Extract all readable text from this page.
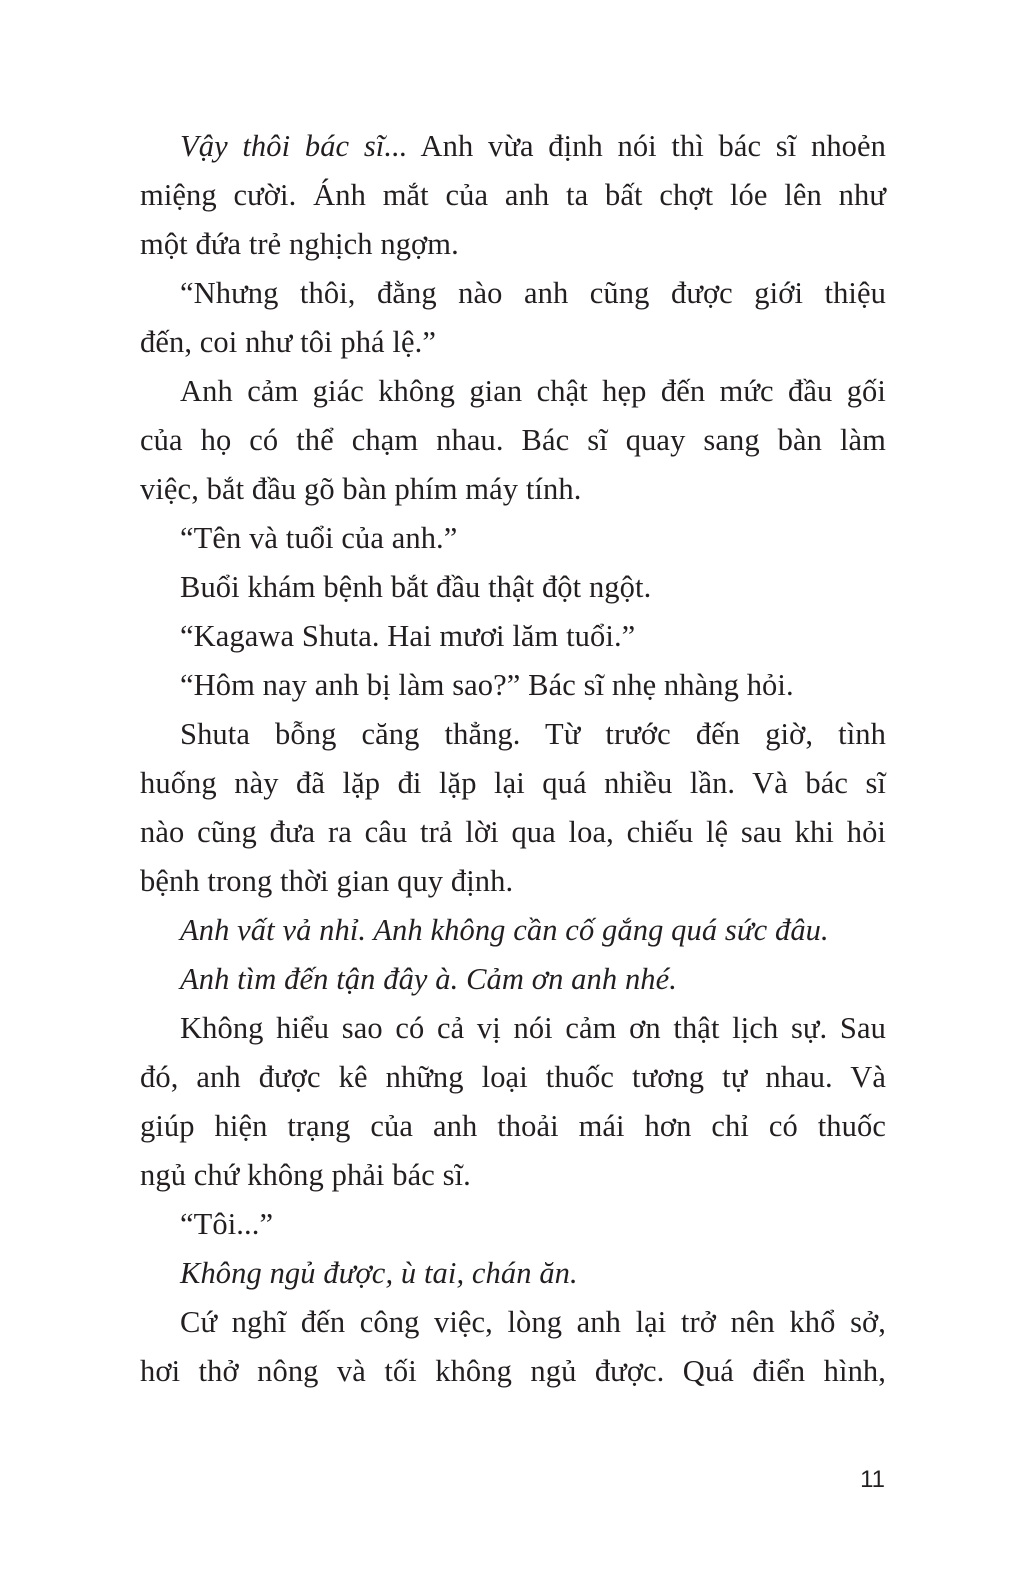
Vậy thôi bác sĩ... Anh vừa định nói thì bác sĩ nhoẻn
miệng cười. Ánh mắt của anh ta bất chợt lóe lên như
một đứa trẻ nghịch ngợm.

“Nhưng thôi, đằng nào anh cũng được giới thiệu
đến, coi như tôi phá lệ.”

Anh cảm giác không gian chật hẹp đến mức đầu gối
của họ có thể chạm nhau. Bác sĩ quay sang bàn làm
việc, bắt đầu gõ bàn phím máy tính.

“Tên và tuổi của anh.”

Buổi khám bệnh bắt đầu thật đột ngột.

“Kagawa Shuta. Hai mươi lăm tuổi.”

“Hôm nay anh bị làm sao?” Bác sĩ nhẹ nhàng hỏi.

Shuta bỗng căng thẳng. Từ trước đến giờ, tình
huống này đã lặp đi lặp lại quá nhiều lần. Và bác sĩ
nào cũng đưa ra câu trả lời qua loa, chiếu lệ sau khi hỏi
bệnh trong thời gian quy định.

Anh vất vả nhỉ. Anh không cần cố gắng quá sức đâu.

Anh tìm đến tận đây à. Cảm ơn anh nhé.

Không hiểu sao có cả vị nói cảm ơn thật lịch sự. Sau
đó, anh được kê những loại thuốc tương tự nhau. Và
giúp hiện trạng của anh thoải mái hơn chỉ có thuốc
ngủ chứ không phải bác sĩ.

“Tôi...”

Không ngủ được, ù tai, chán ăn.

Cứ nghĩ đến công việc, lòng anh lại trở nên khổ sở,
hơi thở nông và tối không ngủ được. Quá điển hình,

11
